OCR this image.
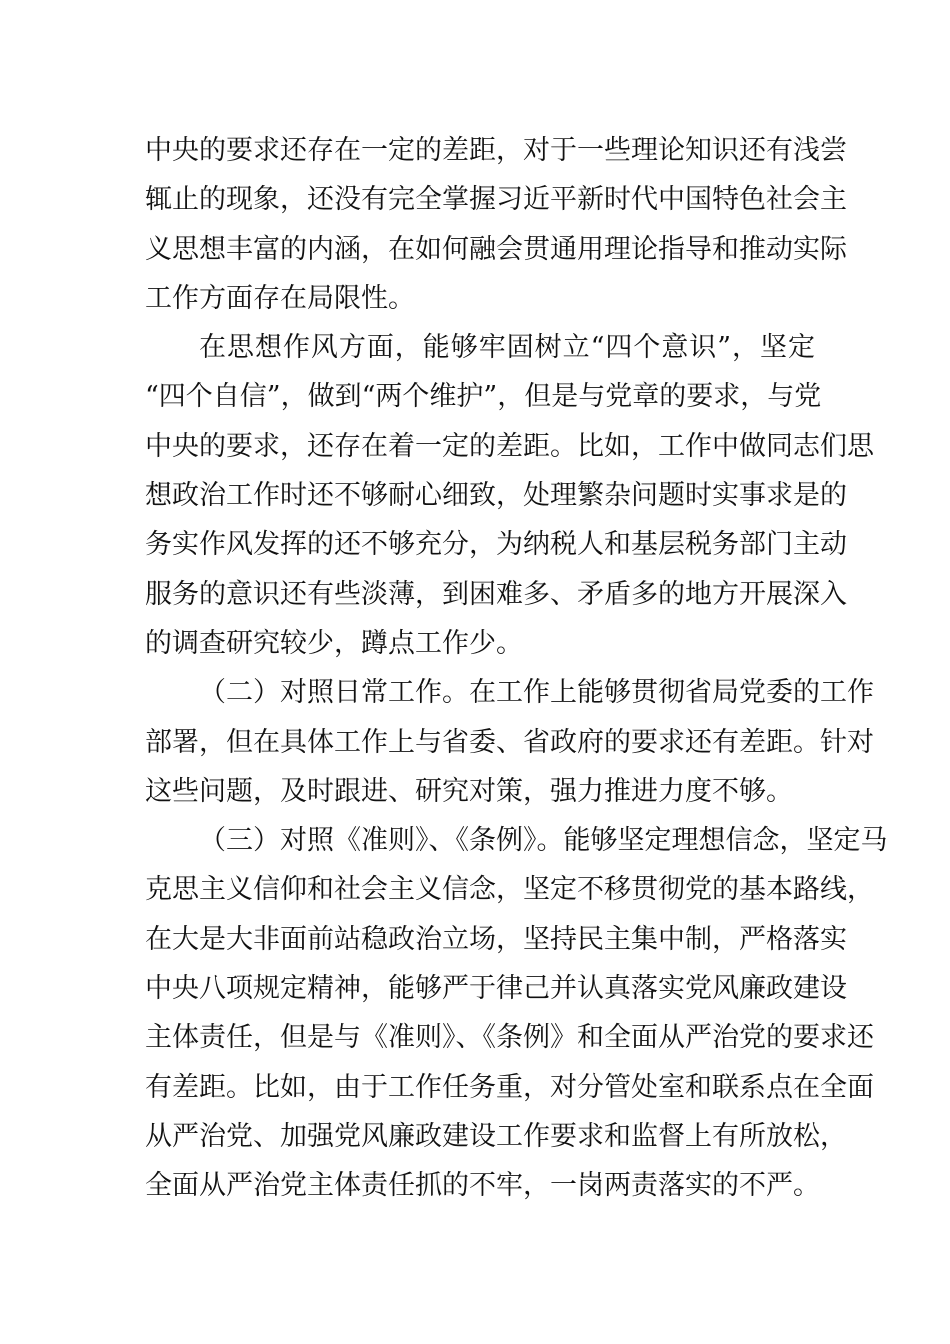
中央的要求还存在一定的差距，对于一些理论知识还有浅尝
辄止的现象，还没有完全掌握习近平新时代中国特色社会主
义思想丰富的内涵，在如何融会贯通用理论指导和推动实际
工作方面存在局限性。
在思想作风方面，能够牢固树立“四个意识”，坚定
“四个自信”，做到“两个维护”，但是与党章的要求，与党
中央的要求，还存在着一定的差距。比如，工作中做同志们思
想政治工作时还不够耐心细致，处理繁杂问题时实事求是的
务实作风发挥的还不够充分，为纳税人和基层税务部门主动
服务的意识还有些淡薄，到困难多、矛盾多的地方开展深入
的调查研究较少，蹲点工作少。
（二）对照日常工作。在工作上能够贯彻省局党委的工作
部署，但在具体工作上与省委、省政府的要求还有差距。针对
这些问题，及时跟进、研究对策，强力推进力度不够。
（三）对照《准则》、《条例》。能够坚定理想信念，坚定马
克思主义信仰和社会主义信念，坚定不移贯彻党的基本路线，
在大是大非面前站稳政治立场，坚持民主集中制，严格落实
中央八项规定精神，能够严于律己并认真落实党风廉政建设
主体责任，但是与《准则》、《条例》和全面从严治党的要求还
有差距。比如，由于工作任务重，对分管处室和联系点在全面
从严治党、加强党风廉政建设工作要求和监督上有所放松，
全面从严治党主体责任抓的不牢，一岗两责落实的不严。
